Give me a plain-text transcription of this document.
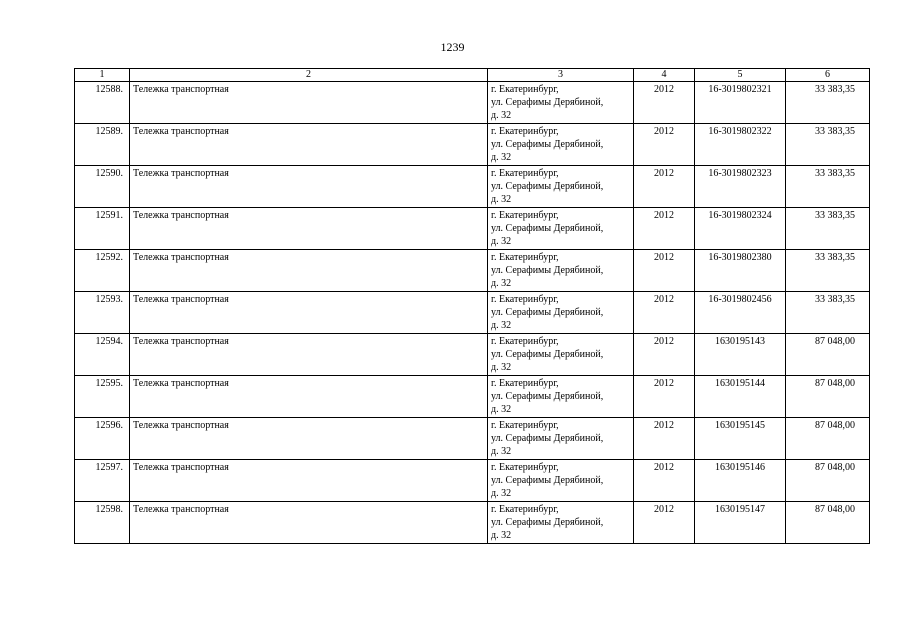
1239
1	2	3	4	5	6
12588.	Тележка транспортная	г. Екатеринбург,
ул. Серафимы Дерябиной,
д. 32	2012	16-3019802321	33 383,35
12589.	Тележка транспортная	г. Екатеринбург,
ул. Серафимы Дерябиной,
д. 32	2012	16-3019802322	33 383,35
12590.	Тележка транспортная	г. Екатеринбург,
ул. Серафимы Дерябиной,
д. 32	2012	16-3019802323	33 383,35
12591.	Тележка транспортная	г. Екатеринбург,
ул. Серафимы Дерябиной,
д. 32	2012	16-3019802324	33 383,35
12592.	Тележка транспортная	г. Екатеринбург,
ул. Серафимы Дерябиной,
д. 32	2012	16-3019802380	33 383,35
12593.	Тележка транспортная	г. Екатеринбург,
ул. Серафимы Дерябиной,
д. 32	2012	16-3019802456	33 383,35
12594.	Тележка транспортная	г. Екатеринбург,
ул. Серафимы Дерябиной,
д. 32	2012	1630195143	87 048,00
12595.	Тележка транспортная	г. Екатеринбург,
ул. Серафимы Дерябиной,
д. 32	2012	1630195144	87 048,00
12596.	Тележка транспортная	г. Екатеринбург,
ул. Серафимы Дерябиной,
д. 32	2012	1630195145	87 048,00
12597.	Тележка транспортная	г. Екатеринбург,
ул. Серафимы Дерябиной,
д. 32	2012	1630195146	87 048,00
12598.	Тележка транспортная	г. Екатеринбург,
ул. Серафимы Дерябиной,
д. 32	2012	1630195147	87 048,00
